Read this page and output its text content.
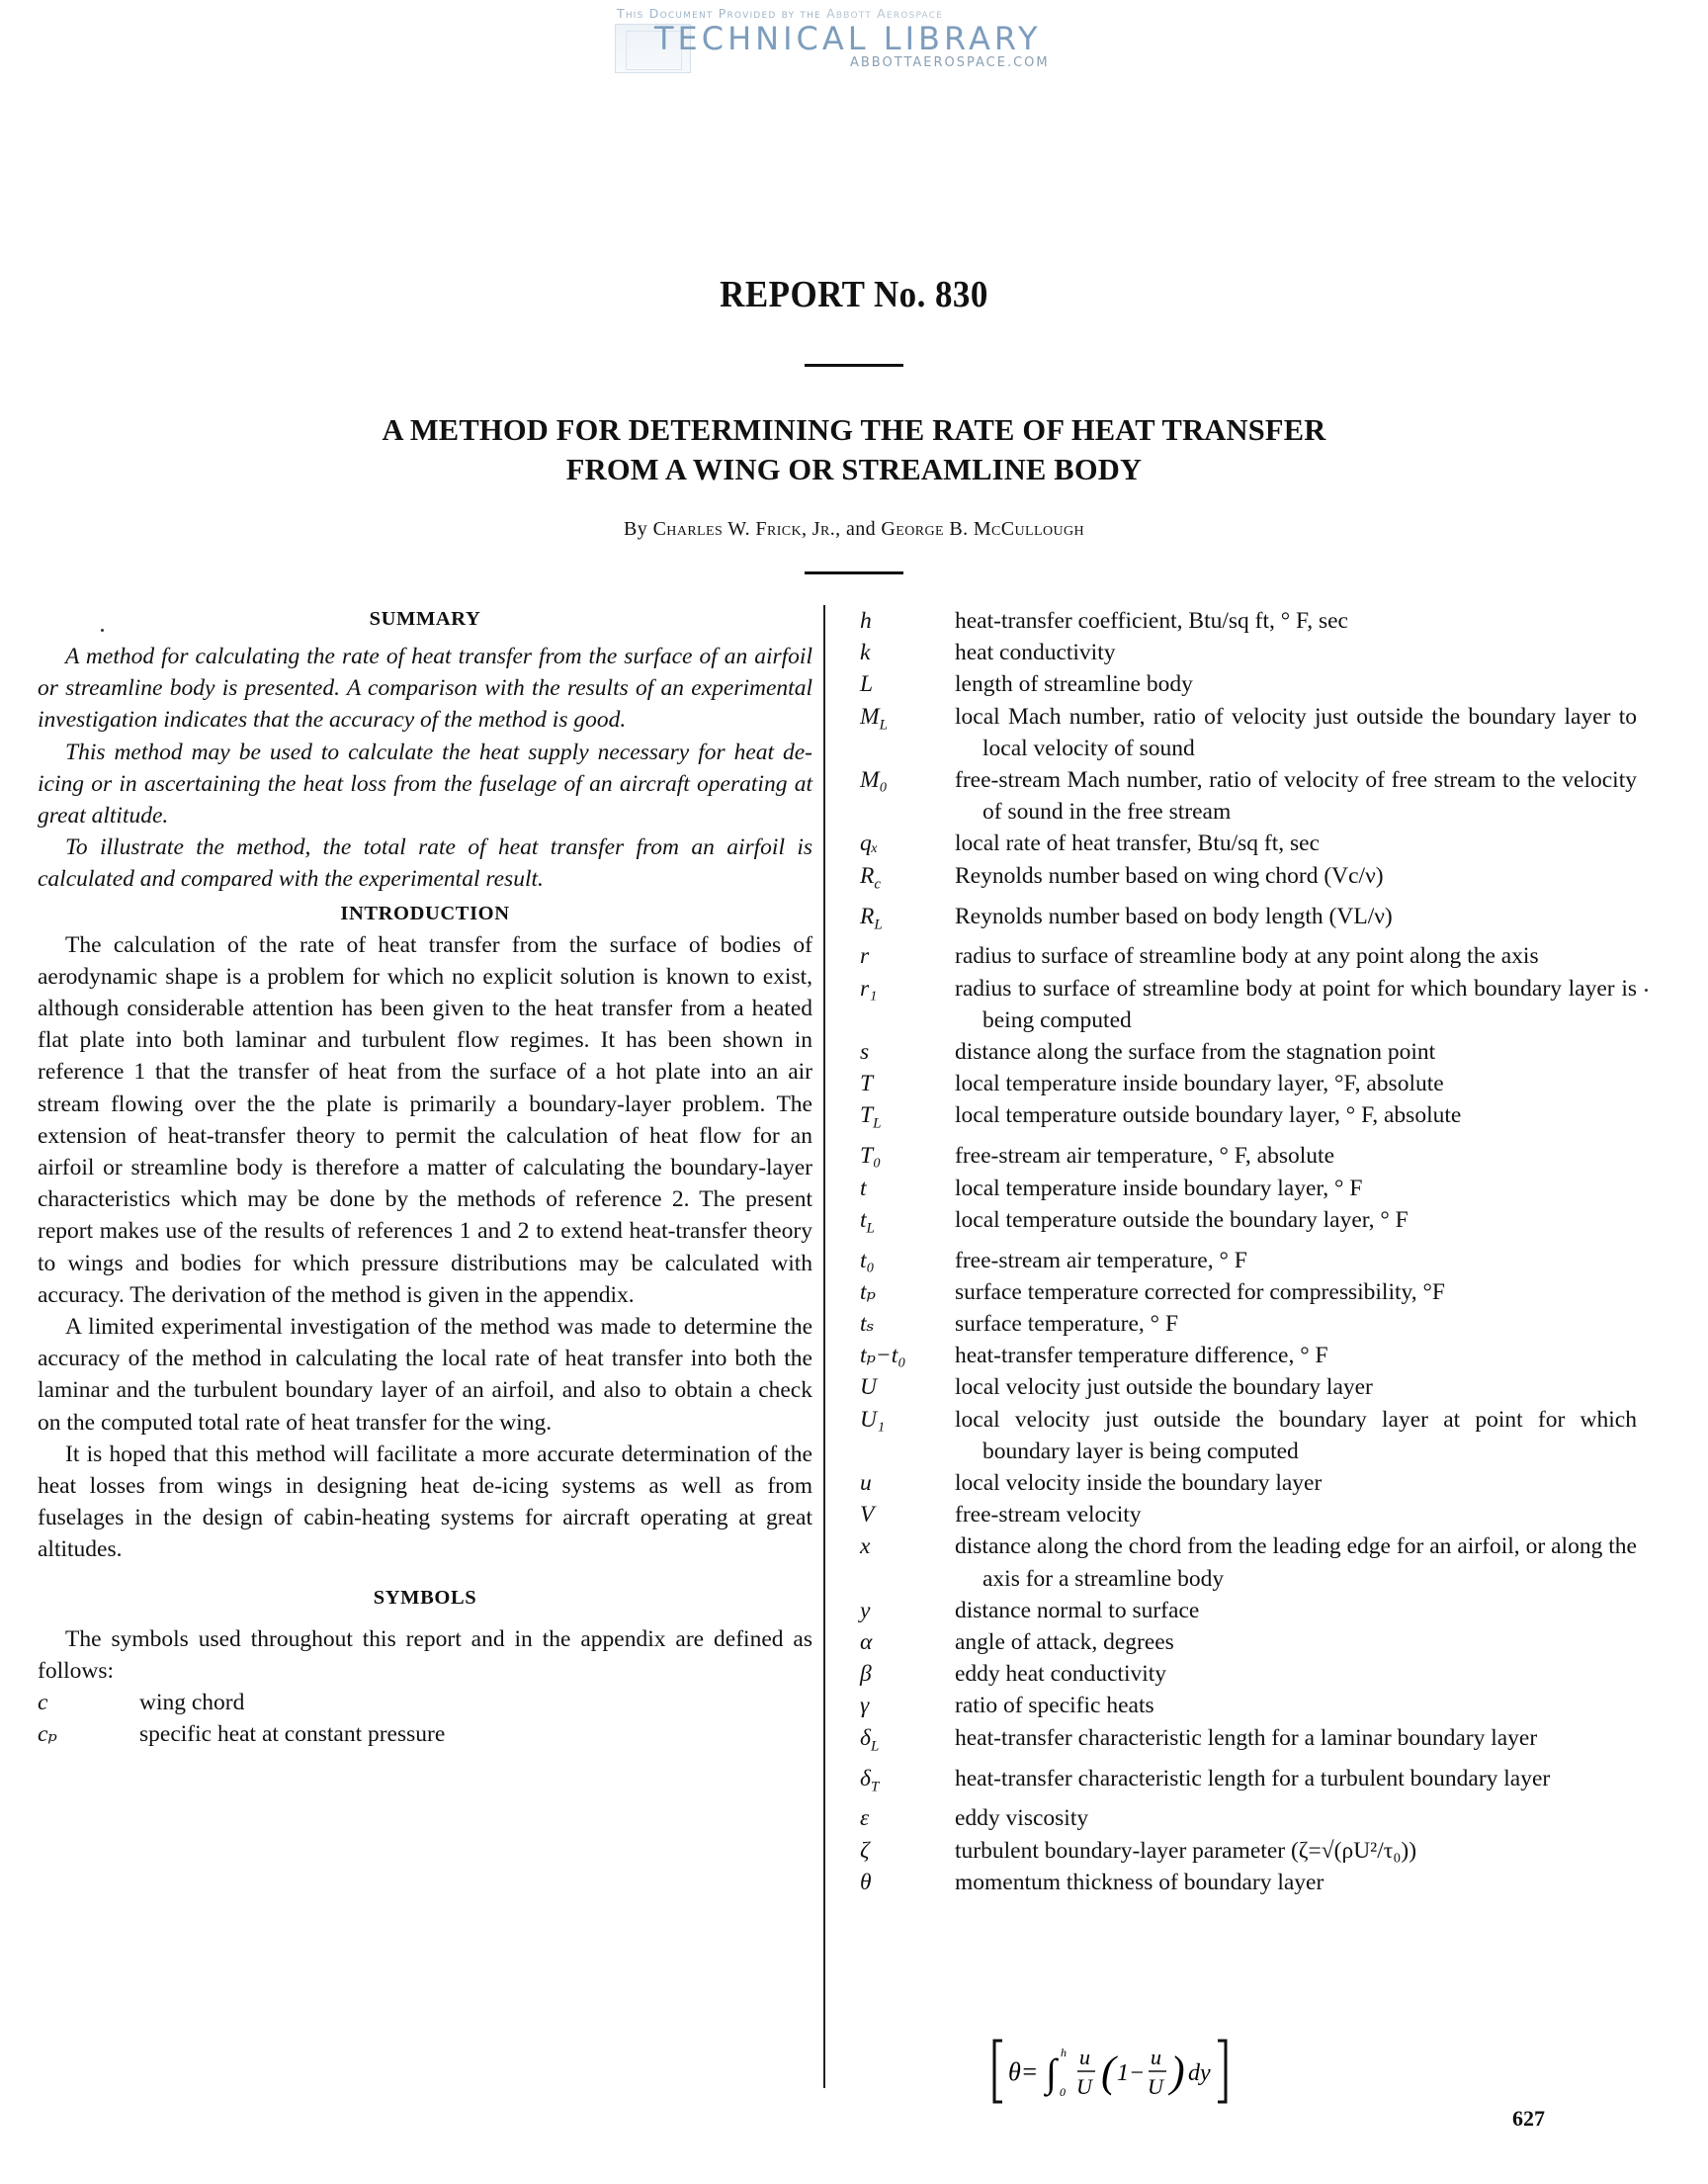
This Document Provided by the Abbott Aerospace
TECHNICAL LIBRARY
ABBOTTAEROSPACE.COM
REPORT No. 830
A METHOD FOR DETERMINING THE RATE OF HEAT TRANSFER
FROM A WING OR STREAMLINE BODY
By Charles W. Frick, Jr., and George B. McCullough
SUMMARY

A method for calculating the rate of heat transfer from the surface of an airfoil or streamline body is presented. A comparison with the results of an experimental investigation indicates that the accuracy of the method is good.

This method may be used to calculate the heat supply necessary for heat de-icing or in ascertaining the heat loss from the fuselage of an aircraft operating at great altitude.

To illustrate the method, the total rate of heat transfer from an airfoil is calculated and compared with the experimental result.

INTRODUCTION

The calculation of the rate of heat transfer from the surface of bodies of aerodynamic shape is a problem for which no explicit solution is known to exist, although considerable attention has been given to the heat transfer from a heated flat plate into both laminar and turbulent flow regimes. It has been shown in reference 1 that the transfer of heat from the surface of a hot plate into an air stream flowing over the the plate is primarily a boundary-layer problem. The extension of heat-transfer theory to permit the calculation of heat flow for an airfoil or streamline body is therefore a matter of calculating the boundary-layer characteristics which may be done by the methods of reference 2. The present report makes use of the results of references 1 and 2 to extend heat-transfer theory to wings and bodies for which pressure distributions may be calculated with accuracy. The derivation of the method is given in the appendix.

A limited experimental investigation of the method was made to determine the accuracy of the method in calculating the local rate of heat transfer into both the laminar and the turbulent boundary layer of an airfoil, and also to obtain a check on the computed total rate of heat transfer for the wing.

It is hoped that this method will facilitate a more accurate determination of the heat losses from wings in designing heat de-icing systems as well as from fuselages in the design of cabin-heating systems for aircraft operating at great altitudes.

SYMBOLS

The symbols used throughout this report and in the appendix are defined as follows:

c	wing chord
cₚ	specific heat at constant pressure
h	heat-transfer coefficient, Btu/sq ft, ° F, sec
k	heat conductivity
L	length of streamline body
$M_L$	local Mach number, ratio of velocity just outside the boundary layer to local velocity of sound
M₀	free-stream Mach number, ratio of velocity of free stream to the velocity of sound in the free stream
qₓ	local rate of heat transfer, Btu/sq ft, sec
$R_c$	Reynolds number based on wing chord (Vc/ν)
$R_L$	Reynolds number based on body length (VL/ν)
r	radius to surface of streamline body at any point along the axis
r₁	radius to surface of streamline body at point for which boundary layer is being computed
s	distance along the surface from the stagnation point
T	local temperature inside boundary layer, °F, absolute
$T_L$	local temperature outside boundary layer, ° F, absolute
T₀	free-stream air temperature, ° F, absolute
t	local temperature inside boundary layer, ° F
$t_L$	local temperature outside the boundary layer, ° F
t₀	free-stream air temperature, ° F
tₚ	surface temperature corrected for compressibility, °F
tₛ	surface temperature, ° F
tₚ−t₀	heat-transfer temperature difference, ° F
U	local velocity just outside the boundary layer
U₁	local velocity just outside the boundary layer at point for which boundary layer is being computed
u	local velocity inside the boundary layer
V	free-stream velocity
x	distance along the chord from the leading edge for an airfoil, or along the axis for a streamline body
y	distance normal to surface
α	angle of attack, degrees
β	eddy heat conductivity
γ	ratio of specific heats
$\delta_L$	heat-transfer characteristic length for a laminar boundary layer
$\delta_T$	heat-transfer characteristic length for a turbulent boundary layer
ε	eddy viscosity
ζ	turbulent boundary-layer parameter (ζ=√(ρU²/τ₀))
θ	momentum thickness of boundary layer
θ= ∫ h
0
u
U ( 1−
u
U ) dy
627
